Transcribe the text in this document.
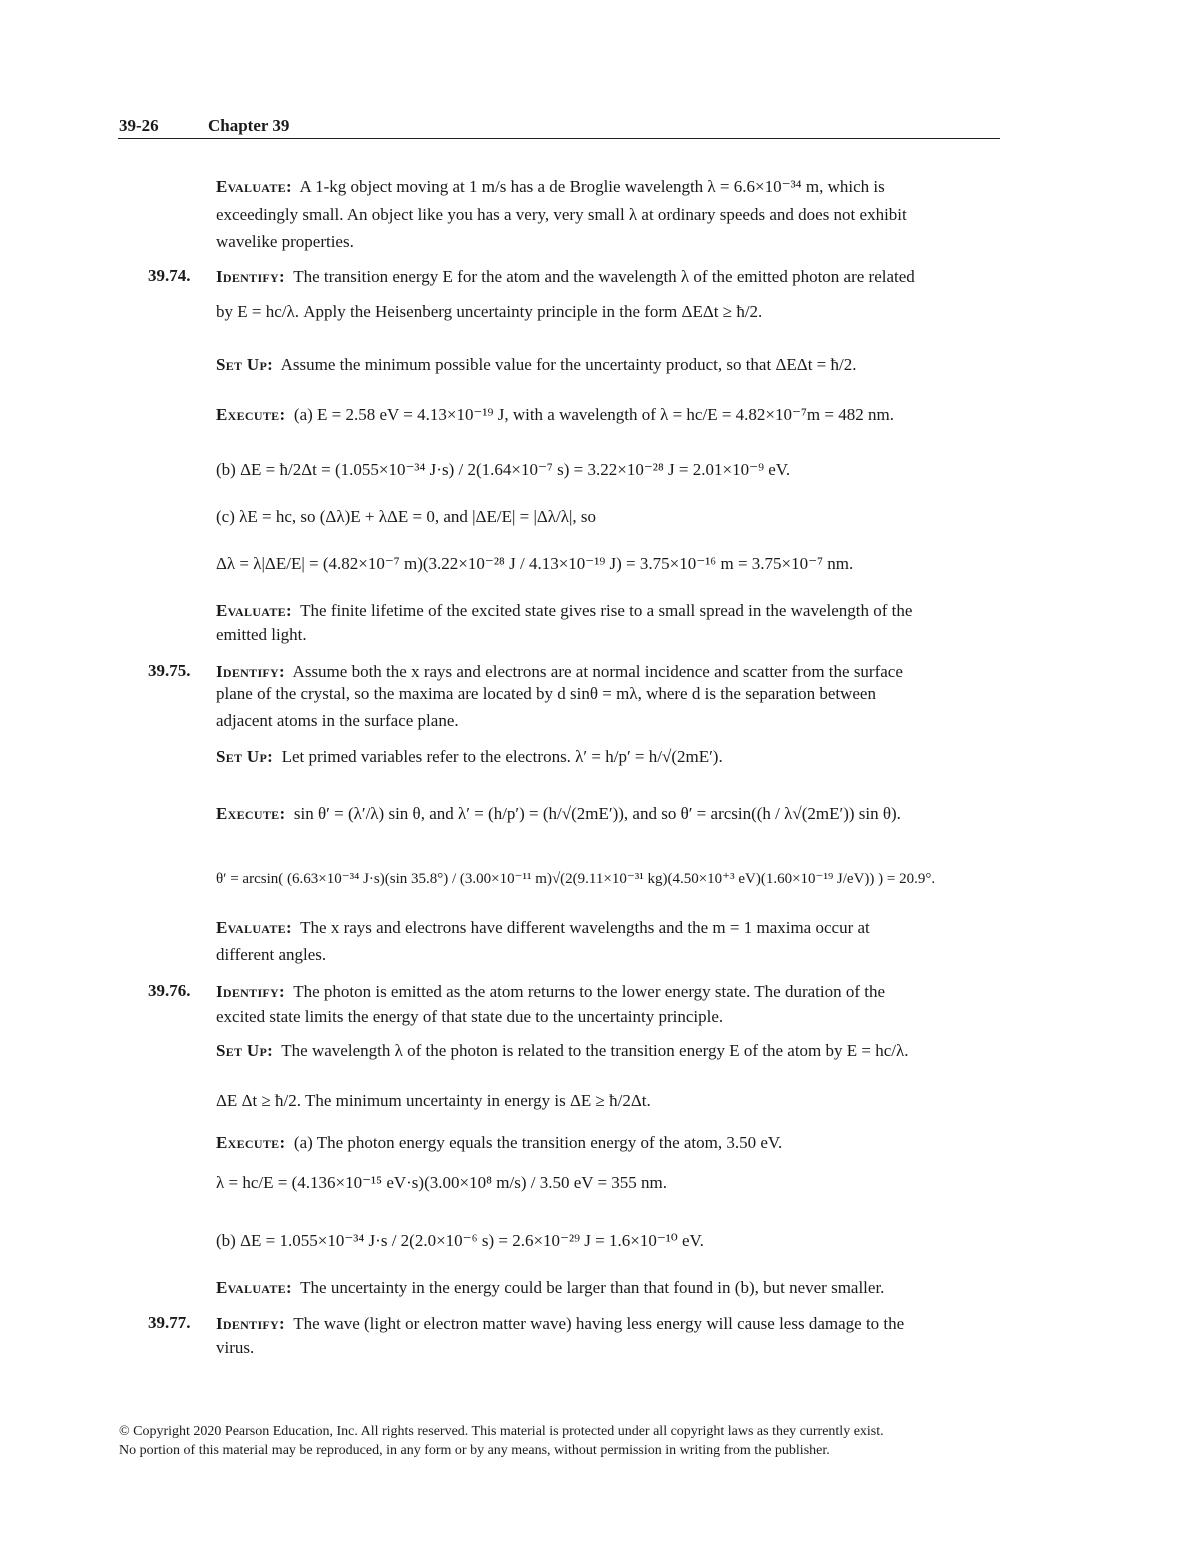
39-26	Chapter 39
Evaluate: A 1-kg object moving at 1 m/s has a de Broglie wavelength λ = 6.6×10⁻³⁴ m, which is
exceedingly small. An object like you has a very, very small λ at ordinary speeds and does not exhibit
wavelike properties.
39.74. Identify: The transition energy E for the atom and the wavelength λ of the emitted photon are related
by E = hc/λ. Apply the Heisenberg uncertainty principle in the form ΔEΔt ≥ ħ/2.
Set Up: Assume the minimum possible value for the uncertainty product, so that ΔEΔt = ħ/2.
Execute: (a) E = 2.58 eV = 4.13×10⁻¹⁹ J, with a wavelength of λ = hc/E = 4.82×10⁻⁷m = 482 nm.
(b) ΔE = ħ/2Δt = (1.055×10⁻³⁴ J·s) / 2(1.64×10⁻⁷ s) = 3.22×10⁻²⁸ J = 2.01×10⁻⁹ eV.
(c) λE = hc, so (Δλ)E + λΔE = 0, and |ΔE/E| = |Δλ/λ|, so
Δλ = λ|ΔE/E| = (4.82×10⁻⁷ m)(3.22×10⁻²⁸ J / 4.13×10⁻¹⁹ J) = 3.75×10⁻¹⁶ m = 3.75×10⁻⁷ nm.
Evaluate: The finite lifetime of the excited state gives rise to a small spread in the wavelength of the
emitted light.
39.75. Identify: Assume both the x rays and electrons are at normal incidence and scatter from the surface
plane of the crystal, so the maxima are located by d sinθ = mλ, where d is the separation between
adjacent atoms in the surface plane.
Set Up: Let primed variables refer to the electrons. λ′ = h/p′ = h/√(2mE′).
Execute: sin θ′ = (λ′/λ) sin θ, and λ′ = (h/p′) = (h/√(2mE′)), and so θ′ = arcsin((h / λ√(2mE′)) sin θ).
θ′ = arcsin( (6.63×10⁻³⁴ J·s)(sin 35.8°) / (3.00×10⁻¹¹ m)√(2(9.11×10⁻³¹ kg)(4.50×10⁺³ eV)(1.60×10⁻¹⁹ J/eV)) ) = 20.9°.
Evaluate: The x rays and electrons have different wavelengths and the m = 1 maxima occur at
different angles.
39.76. Identify: The photon is emitted as the atom returns to the lower energy state. The duration of the
excited state limits the energy of that state due to the uncertainty principle.
Set Up: The wavelength λ of the photon is related to the transition energy E of the atom by E = hc/λ.
ΔE Δt ≥ ħ/2. The minimum uncertainty in energy is ΔE ≥ ħ/2Δt.
Execute: (a) The photon energy equals the transition energy of the atom, 3.50 eV.
λ = hc/E = (4.136×10⁻¹⁵ eV·s)(3.00×10⁸ m/s) / 3.50 eV = 355 nm.
(b) ΔE = 1.055×10⁻³⁴ J·s / 2(2.0×10⁻⁶ s) = 2.6×10⁻²⁹ J = 1.6×10⁻¹⁰ eV.
Evaluate: The uncertainty in the energy could be larger than that found in (b), but never smaller.
39.77. Identify: The wave (light or electron matter wave) having less energy will cause less damage to the
virus.
© Copyright 2020 Pearson Education, Inc. All rights reserved. This material is protected under all copyright laws as they currently exist.
No portion of this material may be reproduced, in any form or by any means, without permission in writing from the publisher.
